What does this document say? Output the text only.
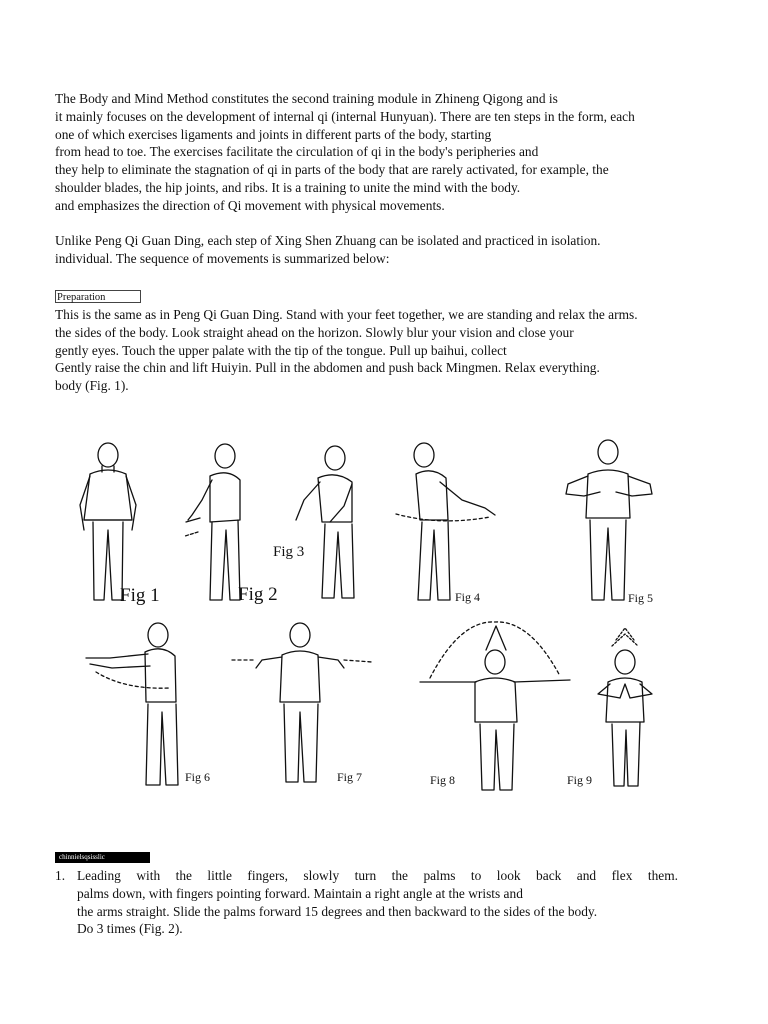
The Body and Mind Method constitutes the second training module in Zhineng Qigong and is
it mainly focuses on the development of internal qi (internal Hunyuan). There are ten steps in the form, each
one of which exercises ligaments and joints in different parts of the body, starting
from head to toe. The exercises facilitate the circulation of qi in the body's peripheries and
they help to eliminate the stagnation of qi in parts of the body that are rarely activated, for example, the
shoulder blades, the hip joints, and ribs. It is a training to unite the mind with the body.
and emphasizes the direction of Qi movement with physical movements.
Unlike Peng Qi Guan Ding, each step of Xing Shen Zhuang can be isolated and practiced in isolation.
individual. The sequence of movements is summarized below:
Preparation
This is the same as in Peng Qi Guan Ding. Stand with your feet together, we are standing and relax the arms.
the sides of the body. Look straight ahead on the horizon. Slowly blur your vision and close your
gently eyes. Touch the upper palate with the tip of the tongue. Pull up baihui, collect
Gently raise the chin and lift Huiyin. Pull in the abdomen and push back Mingmen. Relax everything.
body (Fig. 1).
Fig 1	Fig 2
Fig 3
Fig 4	Fig 5
Fig 6	Fig 7	Fig 8	Fig 9
chinnielsqsisslic
1. Leading with the little fingers, slowly turn the palms to look back and flex them.
palms down, with fingers pointing forward. Maintain a right angle at the wrists and
the arms straight. Slide the palms forward 15 degrees and then backward to the sides of the body.
Do 3 times (Fig. 2).
